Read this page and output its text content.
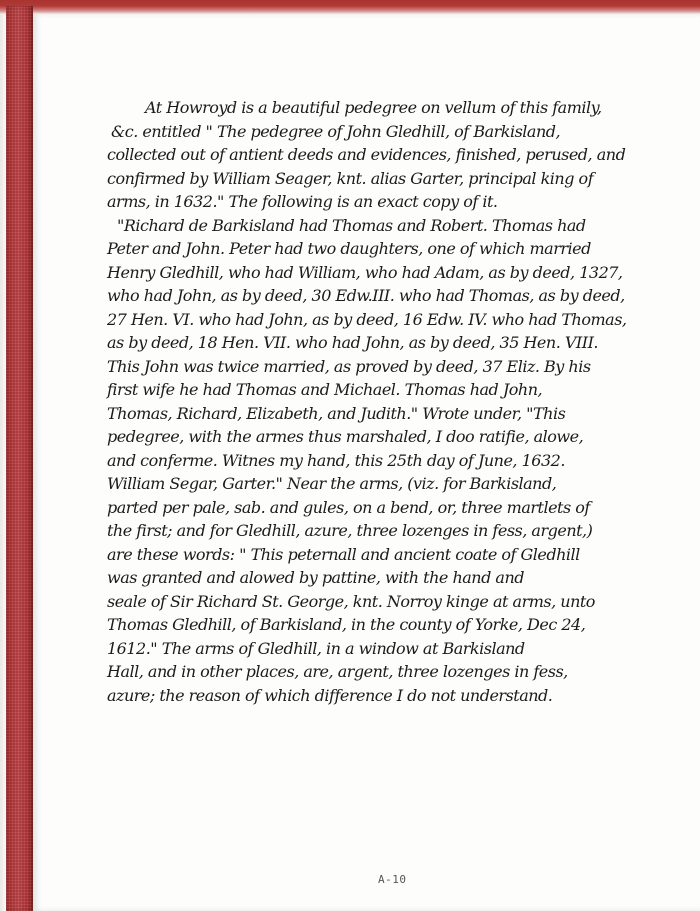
At Howroyd is a beautiful pedegree on vellum of this family,
&c. entitled " The pedegree of John Gledhill, of Barkisland,
collected out of antient deeds and evidences, finished, perused, and
confirmed by William Seager, knt. alias Garter, principal king of
arms, in 1632." The following is an exact copy of it.
"Richard de Barkisland had Thomas and Robert. Thomas had
Peter and John. Peter had two daughters, one of which married
Henry Gledhill, who had William, who had Adam, as by deed, 1327,
who had John, as by deed, 30 Edw.III. who had Thomas, as by deed,
27 Hen. VI. who had John, as by deed, 16 Edw. IV. who had Thomas,
as by deed, 18 Hen. VII. who had John, as by deed, 35 Hen. VIII.
This John was twice married, as proved by deed, 37 Eliz. By his
first wife he had Thomas and Michael. Thomas had John,
Thomas, Richard, Elizabeth, and Judith." Wrote under, "This
pedegree, with the armes thus marshaled, I doo ratifie, alowe,
and conferme. Witnes my hand, this 25th day of June, 1632.
William Segar, Garter." Near the arms, (viz. for Barkisland,
parted per pale, sab. and gules, on a bend, or, three martlets of
the first; and for Gledhill, azure, three lozenges in fess, argent,)
are these words: " This peternall and ancient coate of Gledhill
was granted and alowed by pattine, with the hand and
seale of Sir Richard St. George, knt. Norroy kinge at arms, unto
Thomas Gledhill, of Barkisland, in the county of Yorke, Dec 24,
1612." The arms of Gledhill, in a window at Barkisland
Hall, and in other places, are, argent, three lozenges in fess,
azure; the reason of which difference I do not understand.
A-10
